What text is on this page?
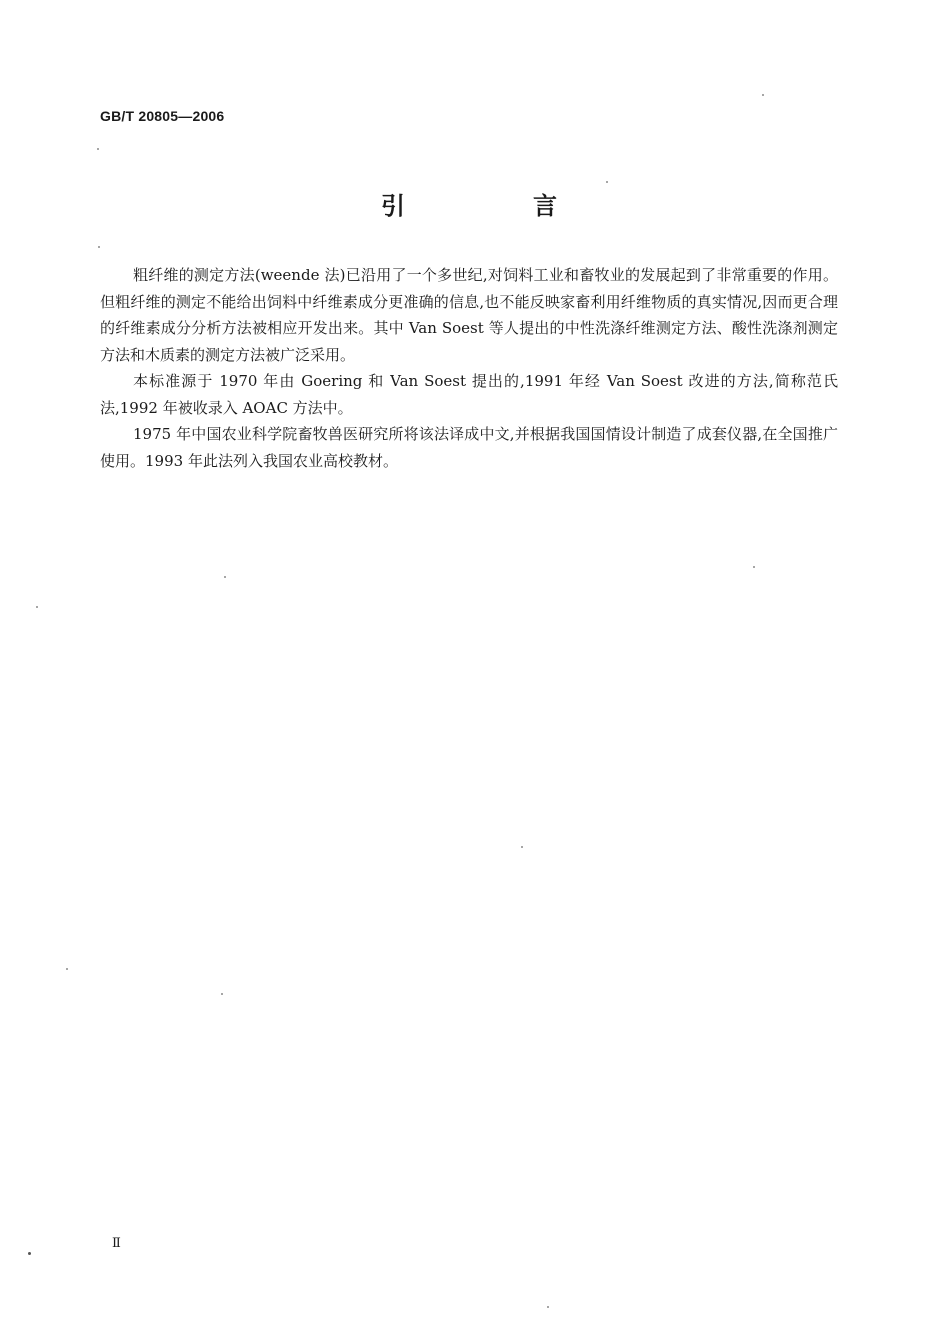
GB/T 20805—2006
引　言

粗纤维的测定方法(weende 法)已沿用了一个多世纪,对饲料工业和畜牧业的发展起到了非常重要的作用。但粗纤维的测定不能给出饲料中纤维素成分更准确的信息,也不能反映家畜利用纤维物质的真实情况,因而更合理的纤维素成分分析方法被相应开发出来。其中 Van Soest 等人提出的中性洗涤纤维测定方法、酸性洗涤剂测定方法和木质素的测定方法被广泛采用。

本标准源于 1970 年由 Goering 和 Van Soest 提出的,1991 年经 Van Soest 改进的方法,简称范氏法,1992 年被收录入 AOAC 方法中。

1975 年中国农业科学院畜牧兽医研究所将该法译成中文,并根据我国国情设计制造了成套仪器,在全国推广使用。1993 年此法列入我国农业高校教材。

Ⅱ
